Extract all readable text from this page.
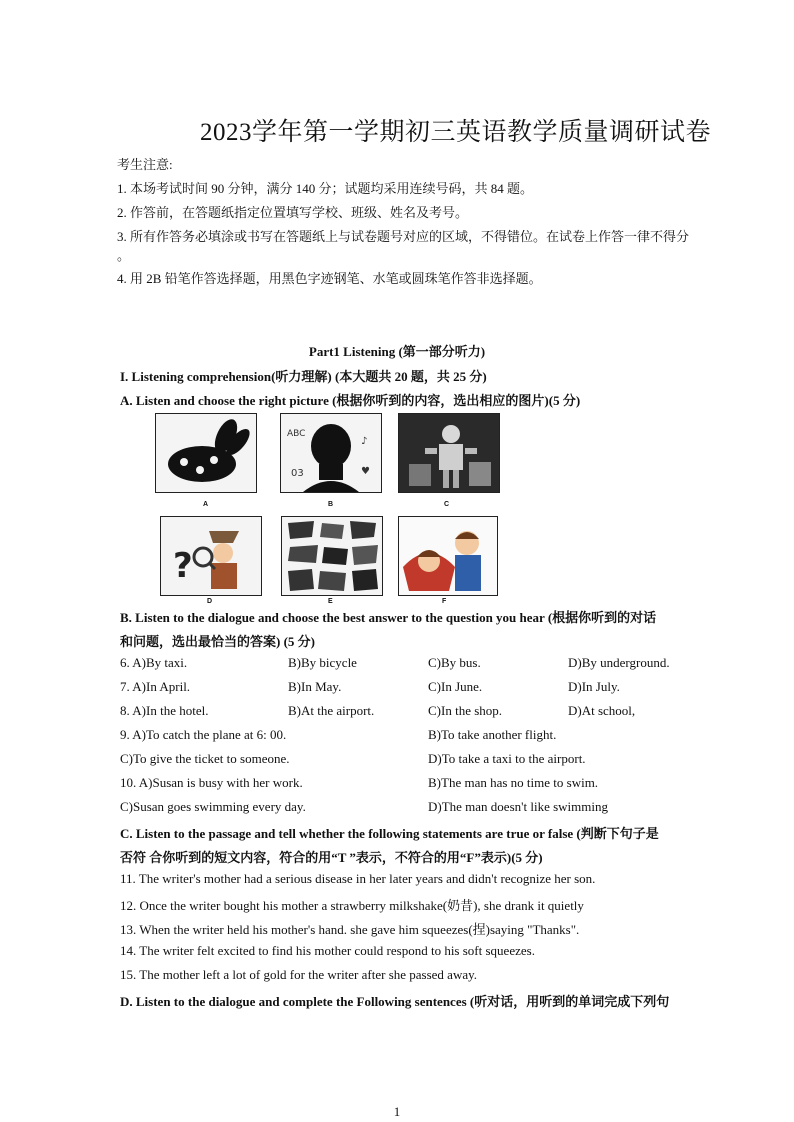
2023学年第一学期初三英语教学质量调研试卷
考生注意:
1. 本场考试时间 90 分钟，满分 140 分；试题均采用连续号码，共 84 题。
2. 作答前，在答题纸指定位置填写学校、班级、姓名及考号。
3. 所有作答务必填涂或书写在答题纸上与试卷题号对应的区域，不得错位。在试卷上作答一律不得分
。
4. 用 2B 铅笔作答选择题，用黑色字迹钢笔、水笔或圆珠笔作答非选择题。
Part1 Listening (第一部分听力)
I. Listening comprehension(听力理解) (本大题共 20 题，共 25 分)
A. Listen and choose the right picture (根据你听到的内容，选出相应的图片)(5 分)
A
ABC
03
♪
♥
B	C
?
D	E	F
B. Listen to the dialogue and choose the best answer to the question you hear (根据你听到的对话
和问题，选出最恰当的答案) (5 分)
6. A)By taxi.	B)By bicycle	C)By bus.	D)By underground.
7. A)In April.	B)In May.	C)In June.	D)In July.
8. A)In the hotel.	B)At the airport.	C)In the shop.	D)At school,
9. A)To catch the plane at 6: 00.	B)To take another flight.
C)To give the ticket to someone.	D)To take a taxi to the airport.
10. A)Susan is busy with her work.	B)The man has no time to swim.
C)Susan goes swimming every day.	D)The man doesn't like swimming
C. Listen to the passage and tell whether the following statements are true or false (判断下句子是
否符 合你听到的短文内容，符合的用“T ”表示，不符合的用“F”表示)(5 分)
11. The writer's mother had a serious disease in her later years and didn't recognize her son.
12. Once the writer bought his mother a strawberry milkshake(奶昔), she drank it quietly
13. When the writer held his mother's hand. she gave him squeezes(捏)saying "Thanks".
14. The writer felt excited to find his mother could respond to his soft squeezes.
15. The mother left a lot of gold for the writer after she passed away.
D. Listen to the dialogue and complete the Following sentences (听对话，用听到的单词完成下列句
1
